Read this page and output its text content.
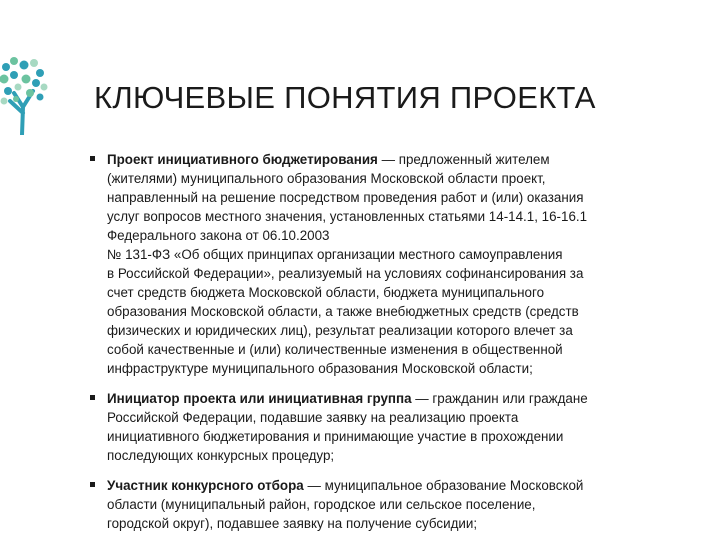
КЛЮЧЕВЫЕ ПОНЯТИЯ ПРОЕКТА
Проект инициативного бюджетирования — предложенный жителем
(жителями) муниципального образования Московской области проект,
направленный на решение посредством проведения работ и (или) оказания
услуг вопросов местного значения, установленных статьями 14-14.1, 16-16.1
Федерального закона от 06.10.2003
№ 131-ФЗ «Об общих принципах организации местного самоуправления
в Российской Федерации», реализуемый на условиях софинансирования за
счет средств бюджета Московской области, бюджета муниципального
образования Московской области, а также внебюджетных средств (средств
физических и юридических лиц), результат реализации которого влечет за
собой качественные и (или) количественные изменения в общественной
инфраструктуре муниципального образования Московской области;
Инициатор проекта или инициативная группа — гражданин или граждане
Российской Федерации, подавшие заявку на реализацию проекта
инициативного бюджетирования и принимающие участие в прохождении
последующих конкурсных процедур;
Участник конкурсного отбора — муниципальное образование Московской
области (муниципальный район, городское или сельское поселение,
городской округ), подавшее заявку на получение субсидии;
